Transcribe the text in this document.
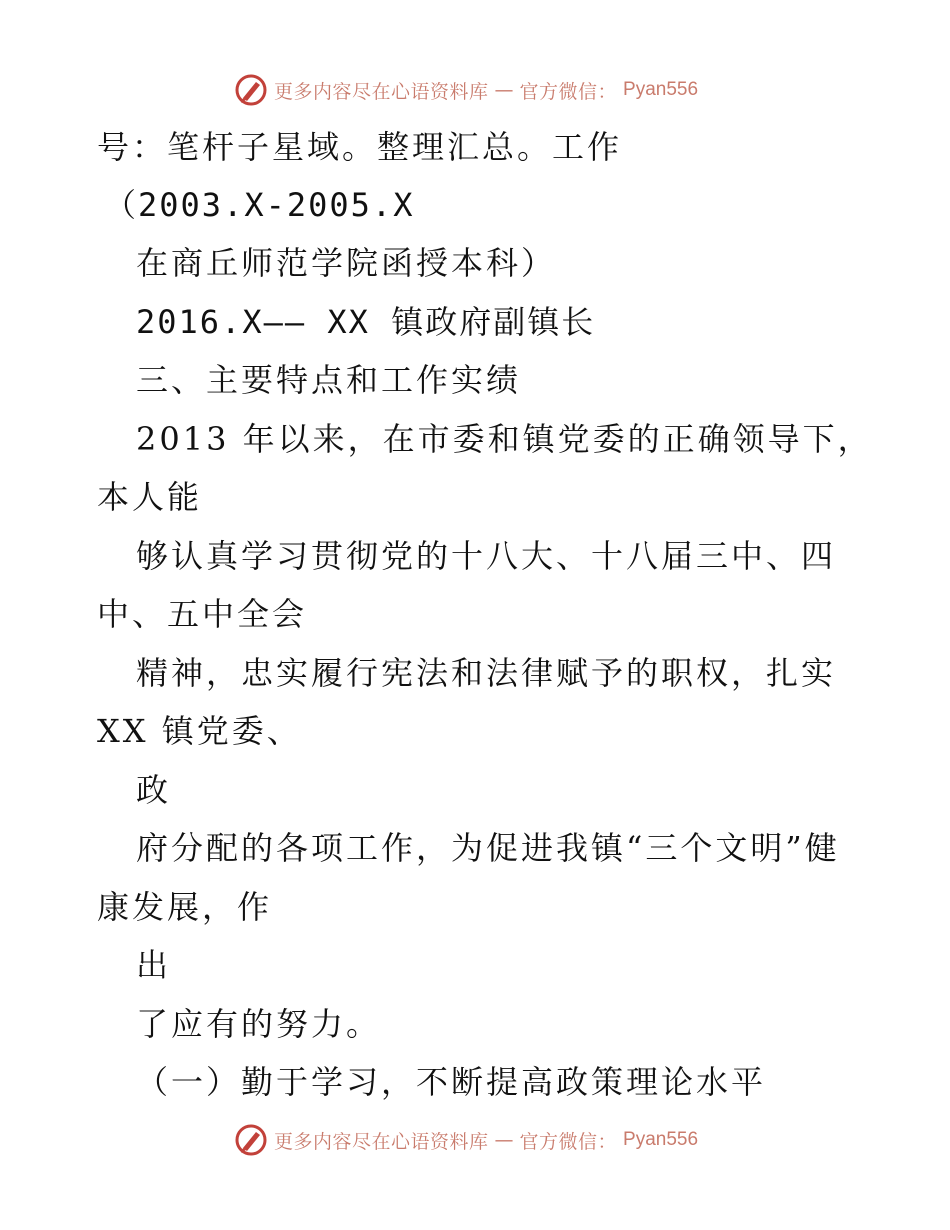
更多内容尽在心语资料库 — 官方微信： Pyan556
号：笔杆子星域。整理汇总。工作
（2003.X-2005.X
在商丘师范学院函授本科）
2016.X—— XX 镇政府副镇长
三、主要特点和工作实绩
2013 年以来，在市委和镇党委的正确领导下，
本人能
够认真学习贯彻党的十八大、十八届三中、四
中、五中全会
精神，忠实履行宪法和法律赋予的职权，扎实
XX 镇党委、
政
府分配的各项工作，为促进我镇“三个文明”健
康发展，作
出
了应有的努力。
（一）勤于学习，不断提高政策理论水平
更多内容尽在心语资料库 — 官方微信： Pyan556
